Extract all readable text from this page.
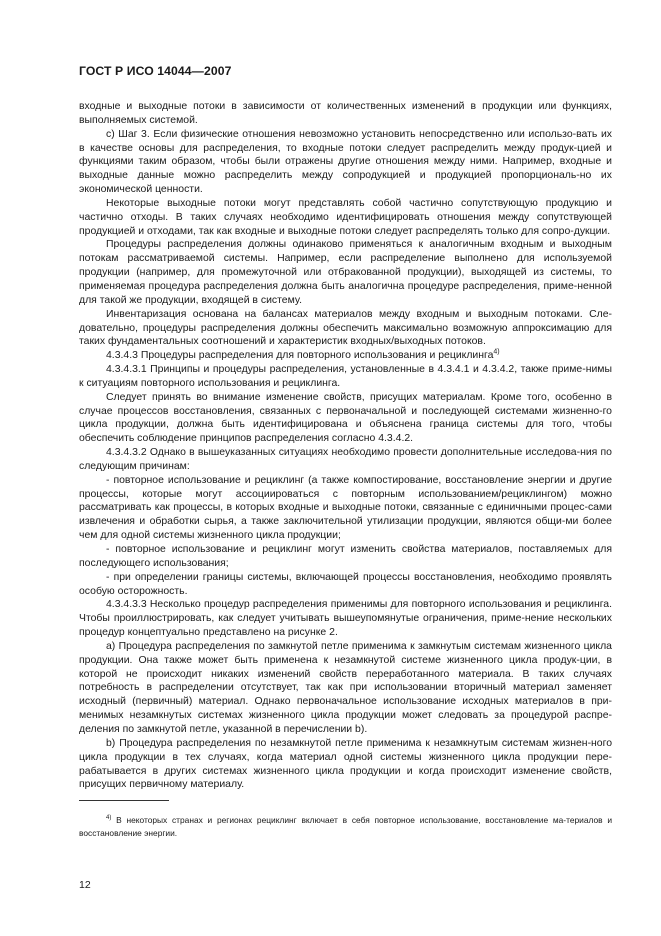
ГОСТ Р ИСО 14044—2007

входные и выходные потоки в зависимости от количественных изменений в продукции или функциях, выполняемых системой.

c) Шаг 3. Если физические отношения невозможно установить непосредственно или использо-вать их в качестве основы для распределения, то входные потоки следует распределить между продук-цией и функциями таким образом, чтобы были отражены другие отношения между ними. Например, входные и выходные данные можно распределить между сопродукцией и продукцией пропорциональ-но их экономической ценности.

Некоторые выходные потоки могут представлять собой частично сопутствующую продукцию и частично отходы. В таких случаях необходимо идентифицировать отношения между сопутствующей продукцией и отходами, так как входные и выходные потоки следует распределять только для сопро-дукции.

Процедуры распределения должны одинаково применяться к аналогичным входным и выходным потокам рассматриваемой системы. Например, если распределение выполнено для используемой продукции (например, для промежуточной или отбракованной продукции), выходящей из системы, то применяемая процедура распределения должна быть аналогична процедуре распределения, приме-ненной для такой же продукции, входящей в систему.

Инвентаризация основана на балансах материалов между входным и выходным потоками. Сле-довательно, процедуры распределения должны обеспечить максимально возможную аппроксимацию для таких фундаментальных соотношений и характеристик входных/выходных потоков.

4.3.4.3 Процедуры распределения для повторного использования и рециклинга$^{4)}$

4.3.4.3.1 Принципы и процедуры распределения, установленные в 4.3.4.1 и 4.3.4.2, также приме-нимы к ситуациям повторного использования и рециклинга.

Следует принять во внимание изменение свойств, присущих материалам. Кроме того, особенно в случае процессов восстановления, связанных с первоначальной и последующей системами жизненно-го цикла продукции, должна быть идентифицирована и объяснена граница системы для того, чтобы обеспечить соблюдение принципов распределения согласно 4.3.4.2.

4.3.4.3.2 Однако в вышеуказанных ситуациях необходимо провести дополнительные исследова-ния по следующим причинам:

- повторное использование и рециклинг (а также компостирование, восстановление энергии и другие процессы, которые могут ассоциироваться с повторным использованием/рециклингом) можно рассматривать как процессы, в которых входные и выходные потоки, связанные с единичными процес-сами извлечения и обработки сырья, а также заключительной утилизации продукции, являются общи-ми более чем для одной системы жизненного цикла продукции;

- повторное использование и рециклинг могут изменить свойства материалов, поставляемых для последующего использования;

- при определении границы системы, включающей процессы восстановления, необходимо проявлять особую осторожность.

4.3.4.3.3 Несколько процедур распределения применимы для повторного использования и рециклинга. Чтобы проиллюстрировать, как следует учитывать вышеупомянутые ограничения, приме-нение нескольких процедур концептуально представлено на рисунке 2.

a) Процедура распределения по замкнутой петле применима к замкнутым системам жизненного цикла продукции. Она также может быть применена к незамкнутой системе жизненного цикла продук-ции, в которой не происходит никаких изменений свойств переработанного материала. В таких случаях потребность в распределении отсутствует, так как при использовании вторичный материал заменяет исходный (первичный) материал. Однако первоначальное использование исходных материалов в при-менимых незамкнутых системах жизненного цикла продукции может следовать за процедурой распре-деления по замкнутой петле, указанной в перечислении b).

b) Процедура распределения по незамкнутой петле применима к незамкнутым системам жизнен-ного цикла продукции в тех случаях, когда материал одной системы жизненного цикла продукции пере-рабатывается в других системах жизненного цикла продукции и когда происходит изменение свойств, присущих первичному материалу.

$^{4)}$ В некоторых странах и регионах рециклинг включает в себя повторное использование, восстановление ма-териалов и восстановление энергии.

12
